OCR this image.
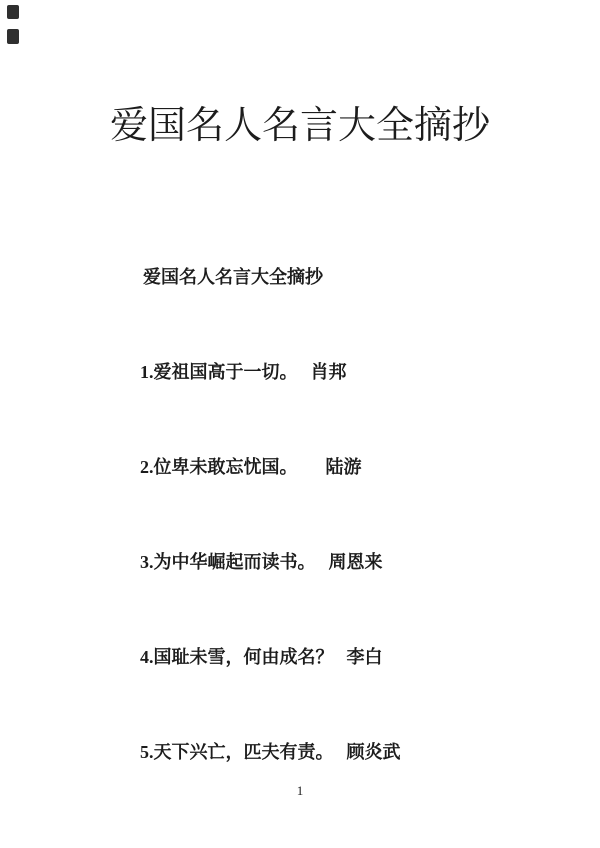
爱国名人名言大全摘抄

爱国名人名言大全摘抄

1.爱祖国高于一切。 肖邦

2.位卑未敢忘忧国。 陆游

3.为中华崛起而读书。 周恩来

4.国耻未雪，何由成名？ 李白

5.天下兴亡，匹夫有责。 顾炎武

1
